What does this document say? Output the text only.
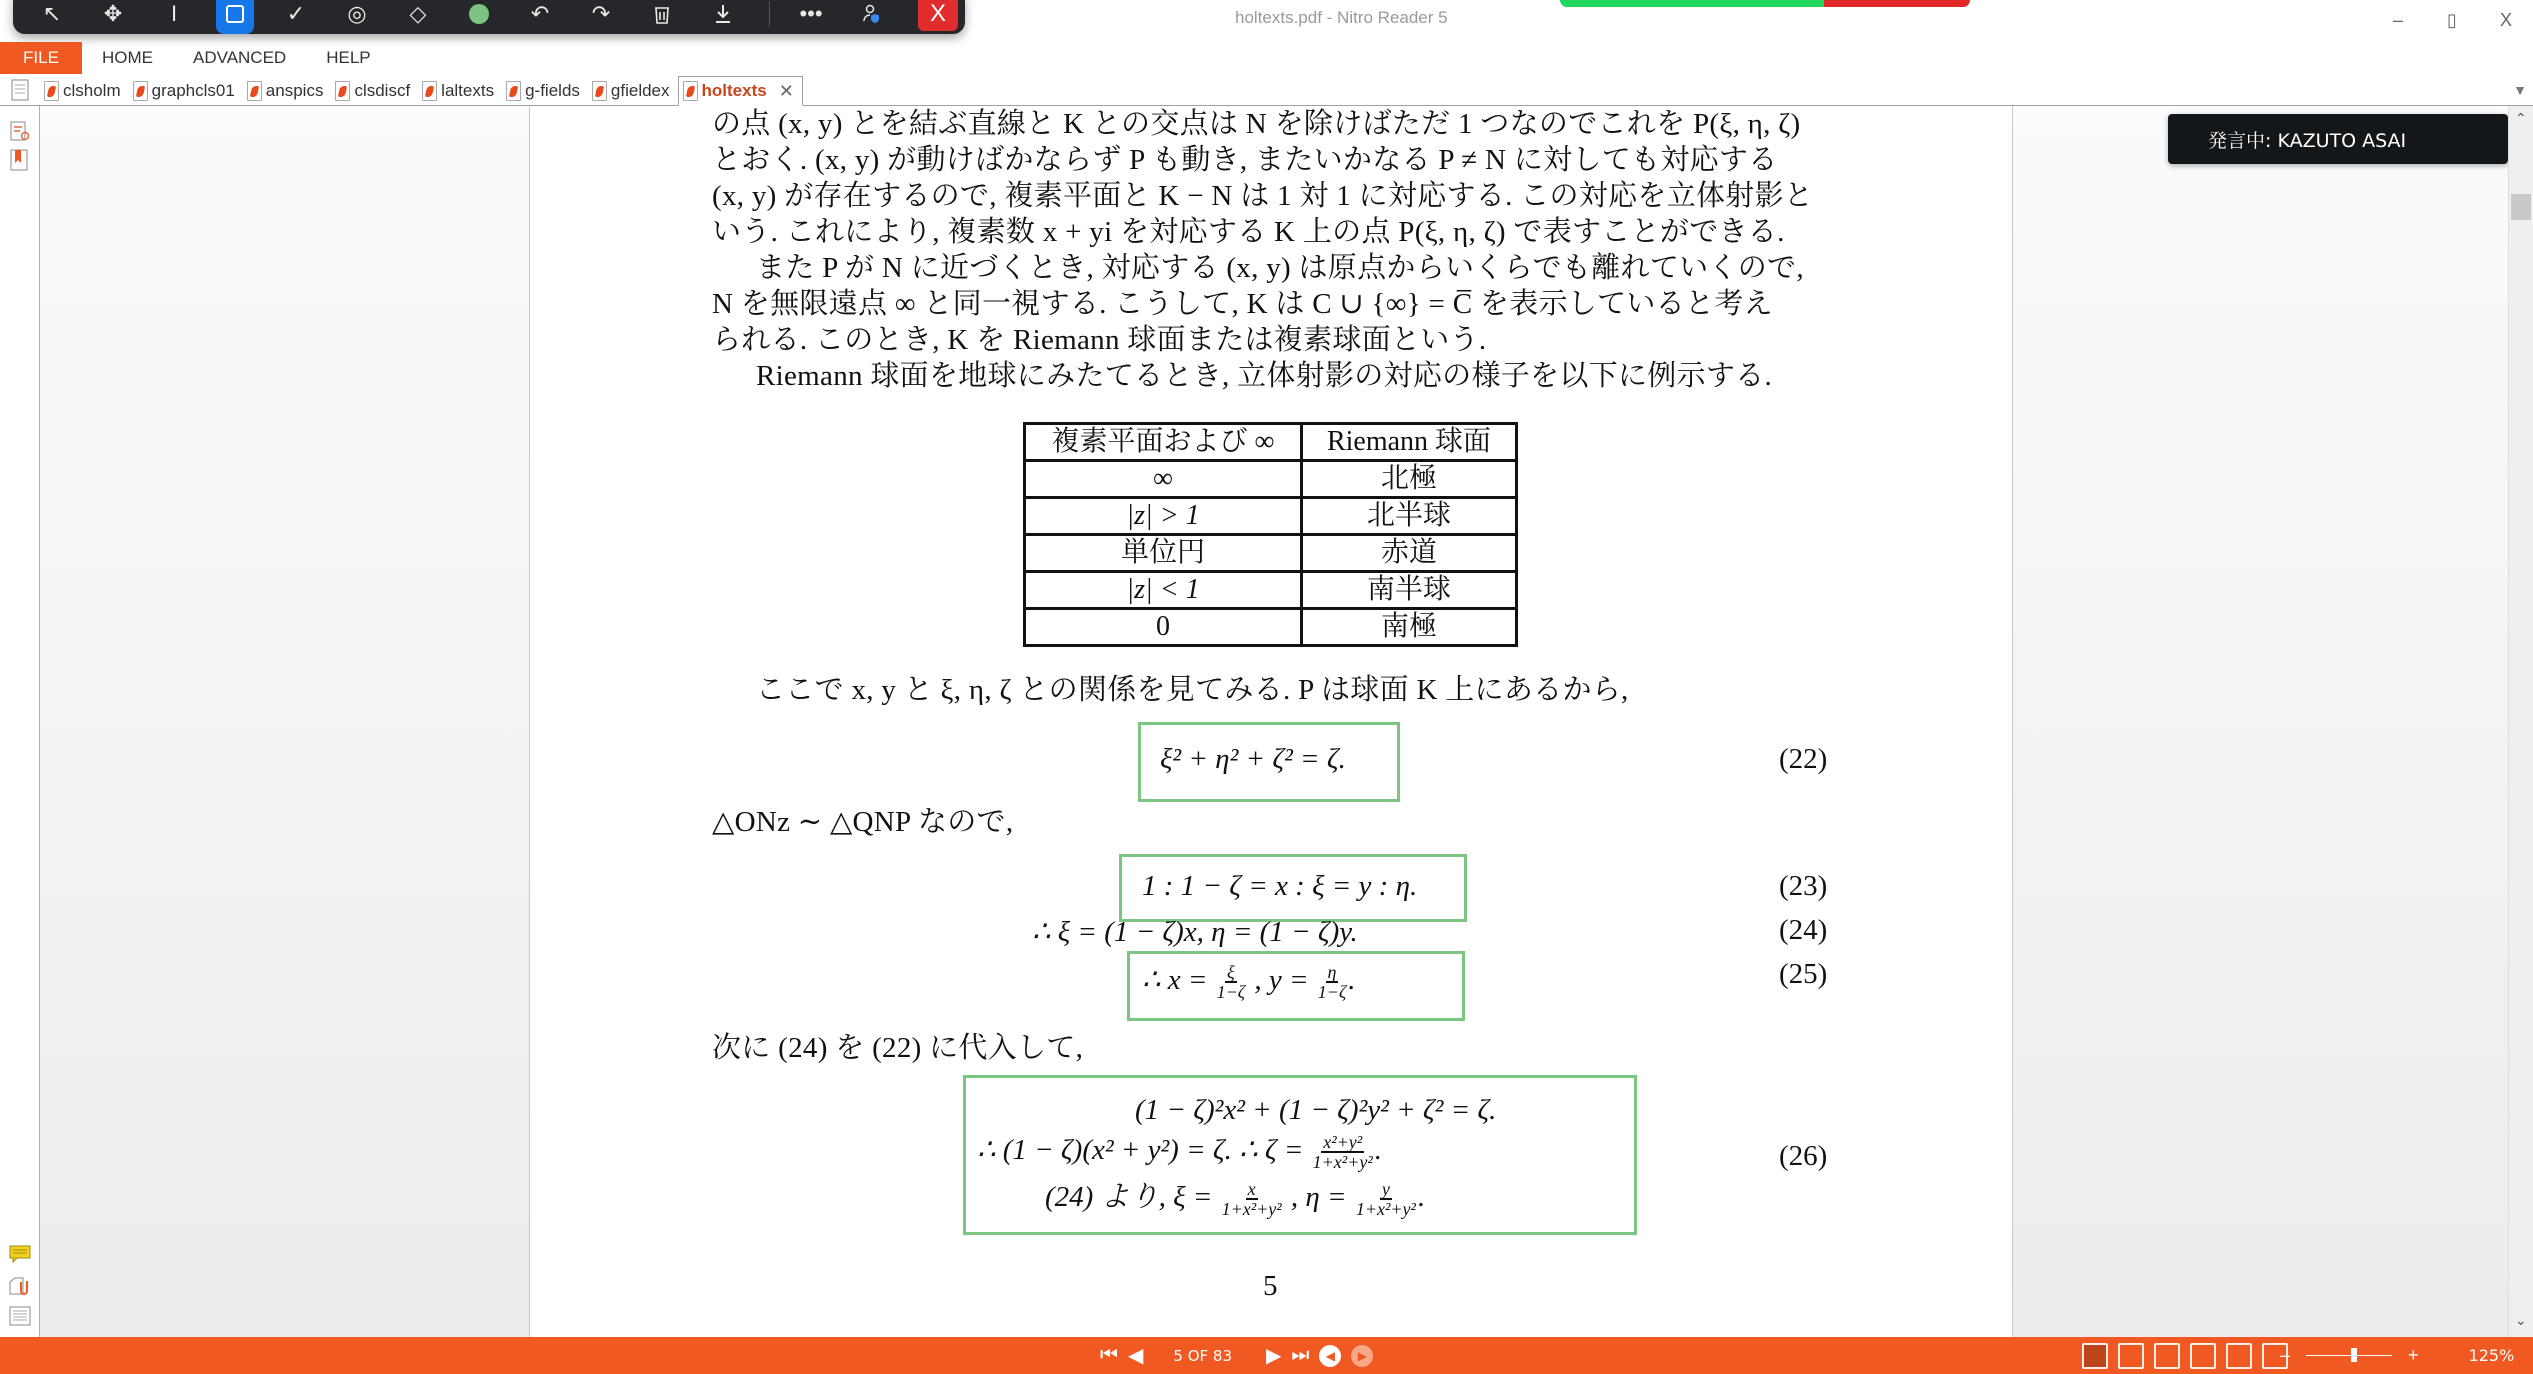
holtexts.pdf - Nitro Reader 5	–	▯	X
↖	✥	I	✓	◎	◇	↶	↷	•••	X
FILE	HOME	ADVANCED	HELP
clsholm graphcls01 anspics clsdiscf laltexts g-fields gfieldex holtexts ✕	▼
の点 (x, y) とを結ぶ直線と K との交点は N を除けばただ 1 つなのでこれを P(ξ, η, ζ)
とおく. (x, y) が動けばかならず P も動き, またいかなる P ≠ N に対しても対応する
(x, y) が存在するので, 複素平面と K − N は 1 対 1 に対応する. この対応を立体射影と
いう. これにより, 複素数 x + yi を対応する K 上の点 P(ξ, η, ζ) で表すことができる.
また P が N に近づくとき, 対応する (x, y) は原点からいくらでも離れていくので,
N を無限遠点 ∞ と同一視する. こうして, K は C ∪ {∞} = C̅ を表示していると考え
られる. このとき, K を Riemann 球面または複素球面という.
Riemann 球面を地球にみたてるとき, 立体射影の対応の様子を以下に例示する.
複素平面および ∞	Riemann 球面
∞	北極
|z| > 1	北半球
単位円	赤道
|z| < 1	南半球
0	南極
ここで x, y と ξ, η, ζ との関係を見てみる. P は球面 K 上にあるから,
ξ² + η² + ζ² = ζ.	(22)
△ONz ∼ △QNP なので,
1 : 1 − ζ = x : ξ = y : η.	(23)
∴ ξ = (1 − ζ)x, η = (1 − ζ)y.	(24)
∴ $x = \frac{\xi}{1-\zeta}$ , $y = \frac{\eta}{1-\zeta}$ .	(25)
次に (24) を (22) に代入して,
(1 − ζ)²x² + (1 − ζ)²y² + ζ² = ζ.
∴ (1 − ζ)(x² + y²) = ζ. ∴ $\zeta = \frac{\text{x²+y²}}{\text{1+x²+y²}}$ .
(24) より, $\xi = \frac{x}{\text{1+x²+y²}}$ , $\eta = \frac{y}{\text{1+x²+y²}}$ .
(26)
5
発言中: KAZUTO ASAI
⌃
⌄
⏮ ◀ 5 OF 83 ▶ ⏭	◀	▶	–	+	125%
